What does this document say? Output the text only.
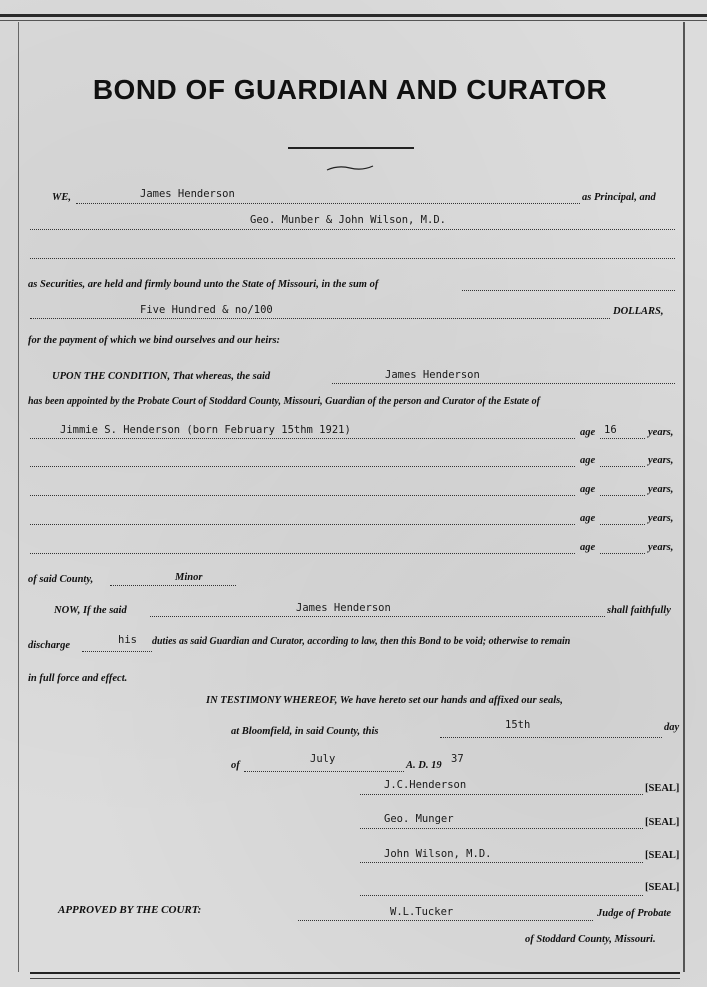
BOND OF GUARDIAN AND CURATOR
WE,	James Henderson	as Principal, and
Geo. Munber & John Wilson, M.D.
as Securities, are held and firmly bound unto the State of Missouri, in the sum of
Five Hundred & no/100	DOLLARS,
for the payment of which we bind ourselves and our heirs:
UPON THE CONDITION, That whereas, the said	James Henderson
has been appointed by the Probate Court of Stoddard County, Missouri, Guardian of the person and Curator of the Estate of
Jimmie S. Henderson (born February 15thm 1921)	age 16	years,
age	years,
age	years,
age	years,
age	years,
of said County,	Minor
NOW, If the said	James Henderson	shall faithfully
discharge	his duties as said Guardian and Curator, according to law, then this Bond to be void; otherwise to remain
in full force and effect.
IN TESTIMONY WHEREOF, We have hereto set our hands and affixed our seals,
at Bloomfield, in said County, this
15th	day
of
July
A. D. 19
37
J.C.Henderson	[SEAL]
Geo. Munger	[SEAL]
John Wilson, M.D.	[SEAL]
[SEAL]
APPROVED BY THE COURT:	W.L.Tucker	Judge of Probate
of Stoddard County, Missouri.
